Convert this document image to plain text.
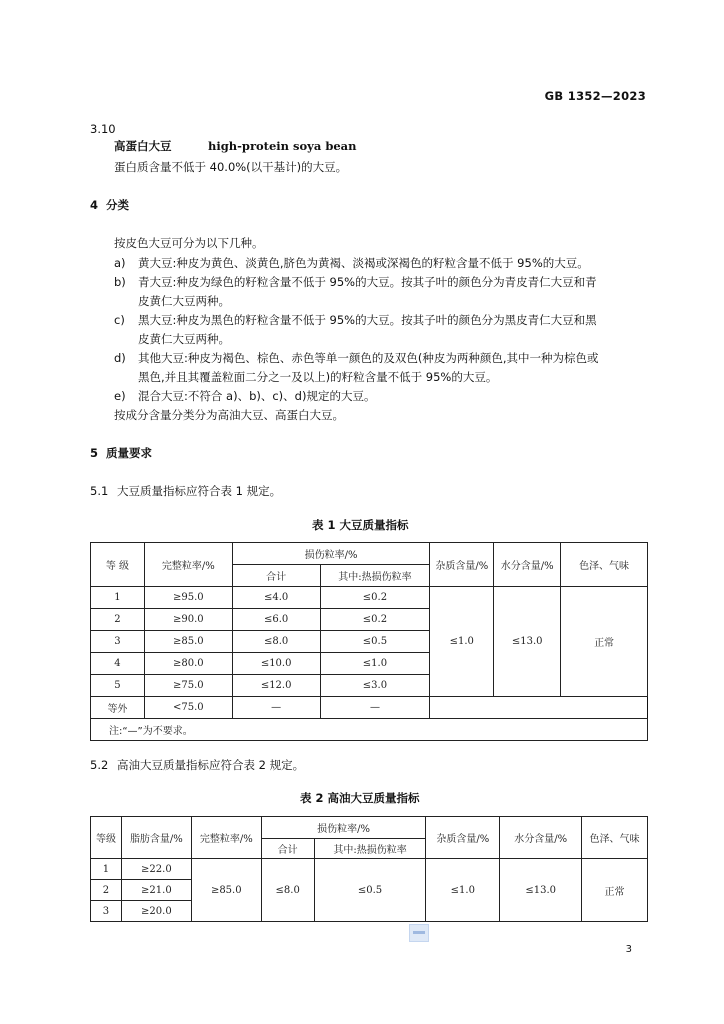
GB 1352—2023
3.10
高蛋白大豆	high-protein soya bean
蛋白质含量不低于 40.0%(以干基计)的大豆。
4 分类
按皮色大豆可分为以下几种。
a) 黄大豆:种皮为黄色、淡黄色,脐色为黄褐、淡褐或深褐色的籽粒含量不低于 95%的大豆。
b) 青大豆:种皮为绿色的籽粒含量不低于 95%的大豆。按其子叶的颜色分为青皮青仁大豆和青
皮黄仁大豆两种。
c) 黑大豆:种皮为黑色的籽粒含量不低于 95%的大豆。按其子叶的颜色分为黑皮青仁大豆和黑
皮黄仁大豆两种。
d) 其他大豆:种皮为褐色、棕色、赤色等单一颜色的及双色(种皮为两种颜色,其中一种为棕色或
黑色,并且其覆盖粒面二分之一及以上)的籽粒含量不低于 95%的大豆。
e) 混合大豆:不符合 a)、b)、c)、d)规定的大豆。
按成分含量分类分为高油大豆、高蛋白大豆。
5 质量要求
5.1 大豆质量指标应符合表 1 规定。
表 1 大豆质量指标
等 级	完整粒率/%	损伤粒率/%		杂质含量/%	水分含量/%	色泽、气味
		合计	其中:热损伤粒率			
1	≥95.0	≤4.0	≤0.2	≤1.0	≤13.0	正常
2	≥90.0	≤6.0	≤0.2			
3	≥85.0	≤8.0	≤0.5			
4	≥80.0	≤10.0	≤1.0			
5	≥75.0	≤12.0	≤3.0			
等外	<75.0	—	—			
注:“—”为不要求。						
5.2 高油大豆质量指标应符合表 2 规定。
表 2 高油大豆质量指标
等级	脂肪含量/%	完整粒率/%	损伤粒率/%		杂质含量/%	水分含量/%	色泽、气味
			合计	其中:热损伤粒率			
1	≥22.0	≥85.0	≤8.0	≤0.5	≤1.0	≤13.0	正常
2	≥21.0						
3	≥20.0						
3
